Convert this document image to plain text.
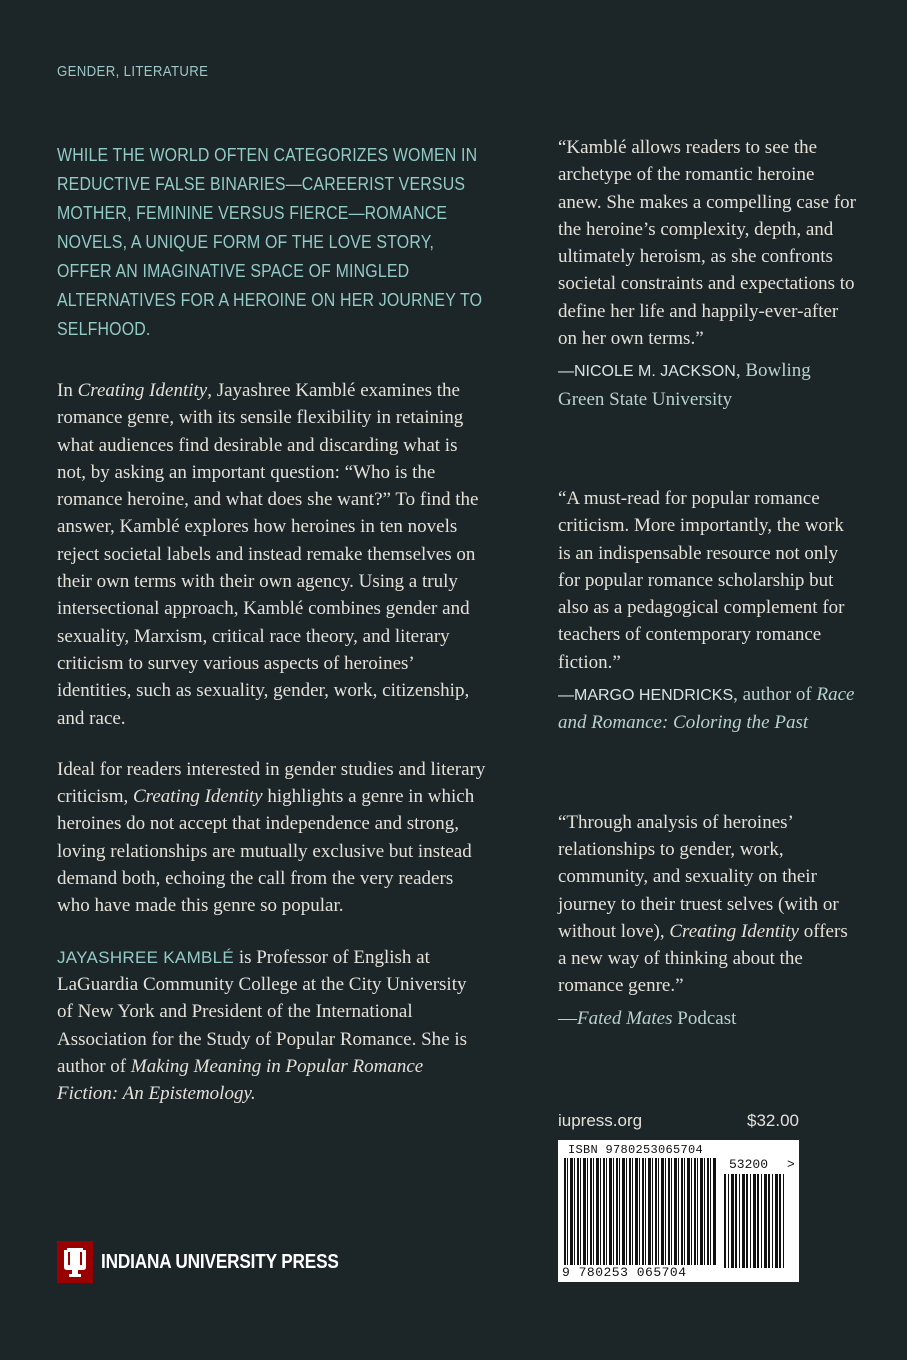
GENDER, LITERATURE

WHILE THE WORLD OFTEN CATEGORIZES WOMEN IN REDUCTIVE FALSE BINARIES—CAREERIST VERSUS MOTHER, FEMININE VERSUS FIERCE—ROMANCE NOVELS, A UNIQUE FORM OF THE LOVE STORY, OFFER AN IMAGINATIVE SPACE OF MINGLED ALTERNATIVES FOR A HEROINE ON HER JOURNEY TO SELFHOOD.

In Creating Identity, Jayashree Kamblé examines the romance genre, with its sensile flexibility in retaining what audiences find desirable and discarding what is not, by asking an important question: “Who is the romance heroine, and what does she want?” To find the answer, Kamblé explores how heroines in ten novels reject societal labels and instead remake themselves on their own terms with their own agency. Using a truly intersectional approach, Kamblé combines gender and sexuality, Marxism, critical race theory, and literary criticism to survey various aspects of heroines’ identities, such as sexuality, gender, work, citizenship, and race.

Ideal for readers interested in gender studies and literary criticism, Creating Identity highlights a genre in which heroines do not accept that independence and strong, loving relationships are mutually exclusive but instead demand both, echoing the call from the very readers who have made this genre so popular.

JAYASHREE KAMBLÉ is Professor of English at LaGuardia Community College at the City University of New York and President of the International Association for the Study of Popular Romance. She is author of Making Meaning in Popular Romance Fiction: An Epistemology.

“Kamblé allows readers to see the archetype of the romantic heroine anew. She makes a compelling case for the heroine’s complexity, depth, and ultimately heroism, as she confronts societal constraints and expectations to define her life and happily-ever-after on her own terms.”

—NICOLE M. JACKSON, Bowling Green State University

“A must-read for popular romance criticism. More importantly, the work is an indispensable resource not only for popular romance scholarship but also as a pedagogical complement for teachers of contemporary romance fiction.”

—MARGO HENDRICKS, author of Race and Romance: Coloring the Past

“Through analysis of heroines’ relationships to gender, work, community, and sexuality on their journey to their truest selves (with or without love), Creating Identity offers a new way of thinking about the romance genre.”

—Fated Mates Podcast

iupress.org	$32.00
ISBN 9780253065704
53200 >
9 780253 065704
INDIANA UNIVERSITY PRESS
